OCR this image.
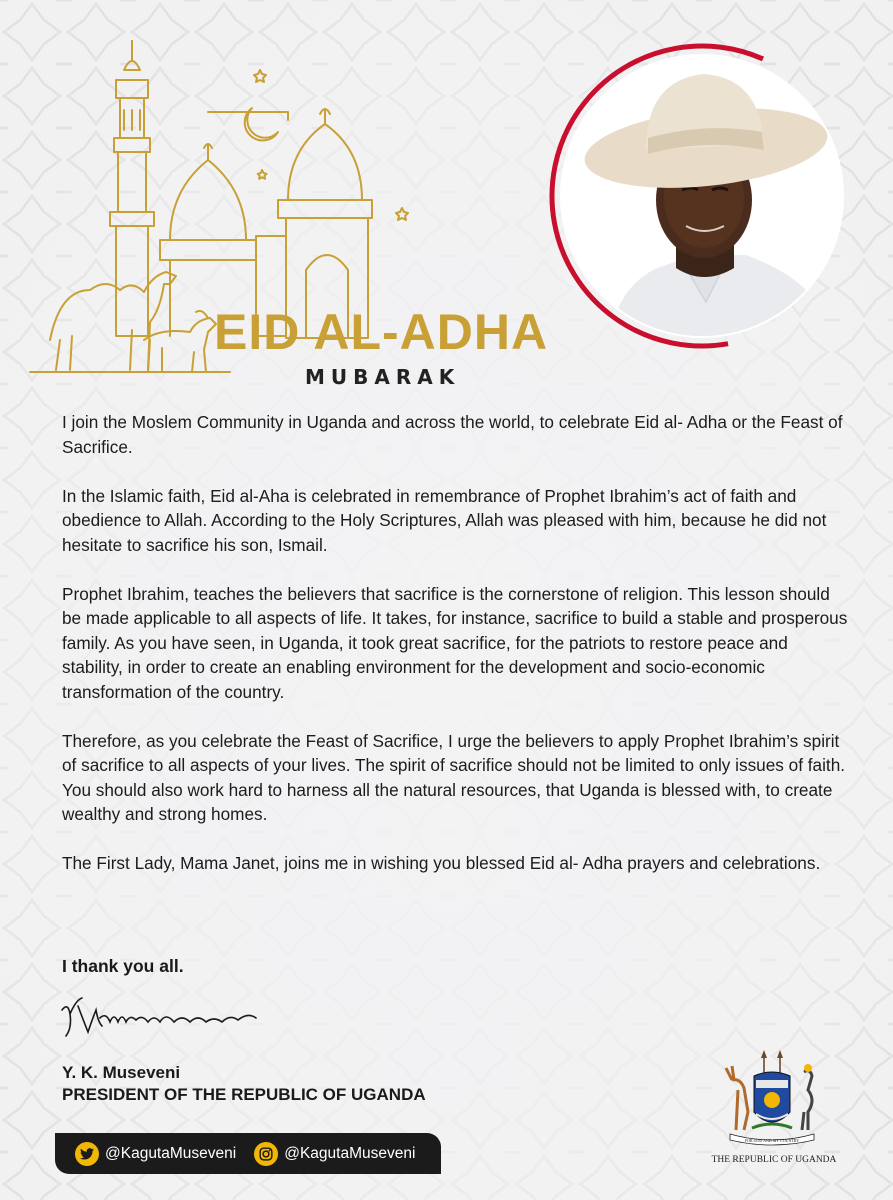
EID AL-ADHA

MUBARAK

I join the Moslem Community in Uganda and across the world, to celebrate Eid al- Adha or the Feast of Sacrifice.

In the Islamic faith, Eid al-Aha is celebrated in remembrance of Prophet Ibrahim’s act of faith and obedience to Allah. According to the Holy Scriptures, Allah was pleased with him, because he did not hesitate to sacrifice his son, Ismail.

Prophet Ibrahim, teaches the believers that sacrifice is the cornerstone of religion. This lesson should be made applicable to all aspects of life. It takes, for instance, sacrifice to build a stable and prosperous family. As you have seen, in Uganda, it took great sacrifice, for the patriots to restore peace and stability, in order to create an enabling environment for the development and socio-economic transformation of the country.

Therefore, as you celebrate the Feast of Sacrifice, I urge the believers to apply Prophet Ibrahim’s spirit of sacrifice to all aspects of your lives. The spirit of sacrifice should not be limited to only issues of faith. You should also work hard to harness all the natural resources, that Uganda is blessed with, to create wealthy and strong homes.

The First Lady, Mama Janet, joins me in wishing you blessed Eid al- Adha prayers and celebrations.

I thank you all.

Y. K. Museveni

PRESIDENT OF THE REPUBLIC OF UGANDA

@KagutaMuseveni	@KagutaMuseveni
FOR GOD AND MY COUNTRY

THE REPUBLIC OF UGANDA
